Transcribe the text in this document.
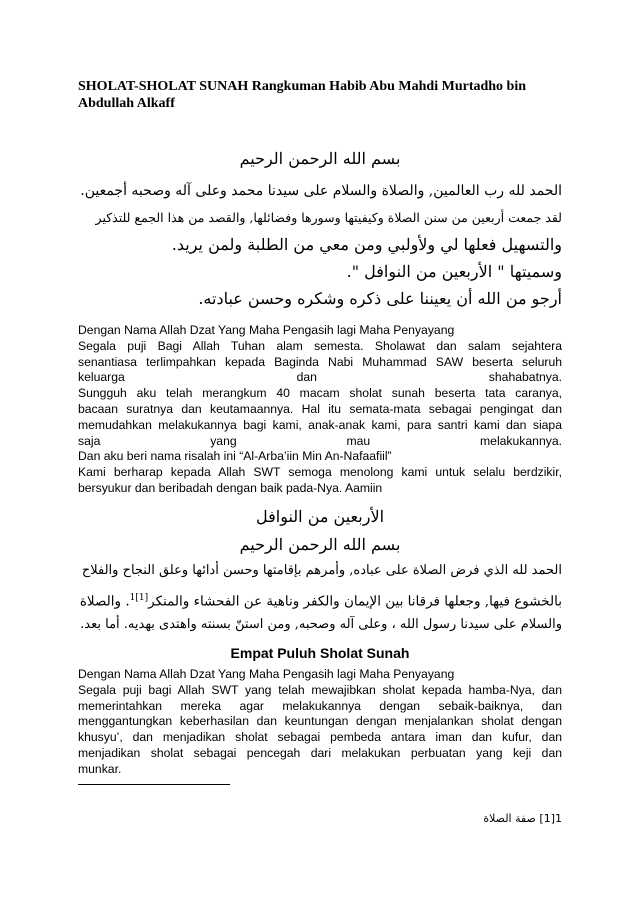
SHOLAT-SHOLAT SUNAH Rangkuman Habib Abu Mahdi Murtadho bin Abdullah Alkaff
بسم الله الرحمن الرحيم
الحمد لله رب العالمين, والصلاة والسلام على سيدنا محمد وعلى آله وصحبه أجمعين.
لقد جمعت أربعين من سنن الصلاة وكيفيتها وسورها وفضائلها, والقصد من هذا الجمع للتذكير
والتسهيل فعلها لي ولأولبي ومن معي من الطلبة ولمن يريد.
وسميتها " الأربعين من النوافل ".
أرجو من الله أن يعيننا على ذكره وشكره وحسن عبادته.

Dengan Nama Allah Dzat Yang Maha Pengasih lagi Maha Penyayang

Segala puji Bagi Allah Tuhan alam semesta. Sholawat dan salam sejahtera

senantiasa terlimpahkan kepada Baginda Nabi Muhammad SAW beserta seluruh

keluarga dan shahabatnya.

Sungguh aku telah merangkum 40 macam sholat sunah beserta tata caranya,

bacaan suratnya dan keutamaannya. Hal itu semata-mata sebagai pengingat dan

memudahkan melakukannya bagi kami, anak-anak kami, para santri kami dan siapa

saja yang mau melakukannya.

Dan aku beri nama risalah ini “Al-Arba’iin Min An-Nafaafiil”

Kami berharap kepada Allah SWT semoga menolong kami untuk selalu berdzikir,

bersyukur dan beribadah dengan baik pada-Nya. Aamiin

الأربعين من النوافل
بسم الله الرحمن الرحيم
الحمد لله الذي فرض الصلاة على عباده, وأمرهم بإقامتها وحسن أدائها وعلق النجاح والفلاح
بالخشوع فيها, وجعلها فرقانا بين الإيمان والكفر وناهية عن الفحشاء والمنكر$^{[1]1}$. والصلاة
والسلام على سيدنا رسول الله ، وعلى آله وصحبه, ومن استنّ بسنته واهتدى بهديه. أما بعد.
Empat Puluh Sholat Sunah

Dengan Nama Allah Dzat Yang Maha Pengasih lagi Maha Penyayang

Segala puji bagi Allah SWT yang telah mewajibkan sholat kepada hamba-Nya, dan

memerintahkan mereka agar melakukannya dengan sebaik-baiknya, dan

menggantungkan keberhasilan dan keuntungan dengan menjalankan sholat dengan

khusyu’, dan menjadikan sholat sebagai pembeda antara iman dan kufur, dan

menjadikan sholat sebagai pencegah dari melakukan perbuatan yang keji dan

munkar.

1[1] صفة الصلاة
